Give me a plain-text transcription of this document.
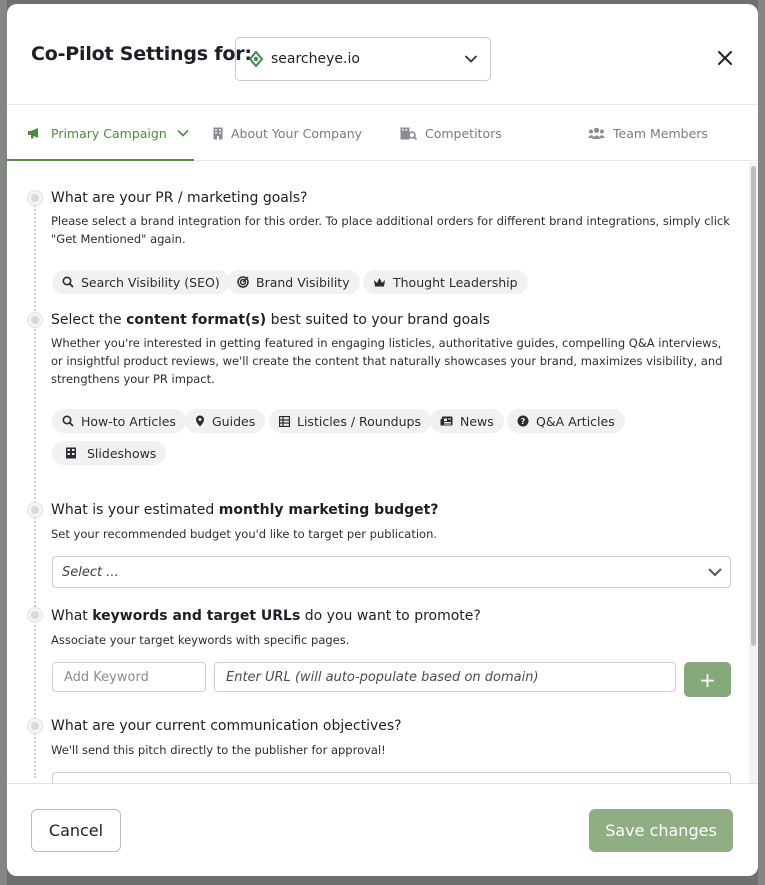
Co-Pilot Settings for: searcheye.io
Primary Campaign	About Your Company	Competitors	Team Members
What are your PR / marketing goals?
Please select a brand integration for this order. To place additional orders for different brand integrations, simply click "Get Mentioned" again.
Search Visibility (SEO)	Brand Visibility	Thought Leadership
Select the content format(s) best suited to your brand goals
Whether you're interested in getting featured in engaging listicles, authoritative guides, compelling Q&A interviews, or insightful product reviews, we'll create the content that naturally showcases your brand, maximizes visibility, and strengthens your PR impact.
How-to Articles	Guides	Listicles / Roundups	News	? Q&A Articles
Slideshows
What is your estimated monthly marketing budget?
Set your recommended budget you'd like to target per publication.
Select ...
What keywords and target URLs do you want to promote?
Associate your target keywords with specific pages.
Add Keyword	Enter URL (will auto-populate based on domain)	+
What are your current communication objectives?
We'll send this pitch directly to the publisher for approval!
Cancel	Save changes
